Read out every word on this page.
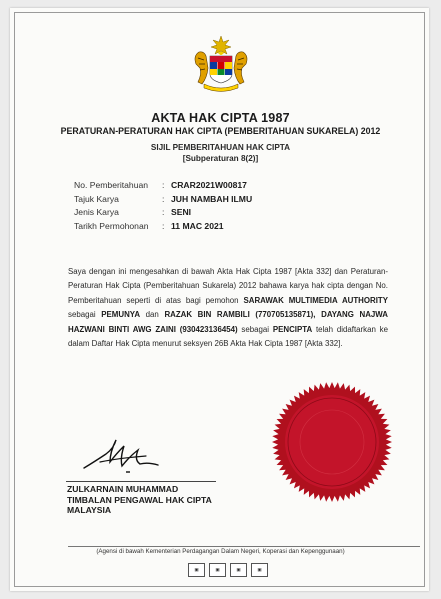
AKTA HAK CIPTA 1987
PERATURAN-PERATURAN HAK CIPTA (PEMBERITAHUAN SUKARELA) 2012
SIJIL PEMBERITAHUAN HAK CIPTA
[Subperaturan 8(2)]
No. Pemberitahuan : CRAR2021W00817
Tajuk Karya	: JUH NAMBAH ILMU
Jenis Karya	: SENI
Tarikh Permohonan : 11 MAC 2021

Saya dengan ini mengesahkan di bawah Akta Hak Cipta 1987 [Akta 332] dan Peraturan-Peraturan Hak Cipta (Pemberitahuan Sukarela) 2012 bahawa karya hak cipta dengan No. Pemberitahuan seperti di atas bagi pemohon SARAWAK MULTIMEDIA AUTHORITY sebagai PEMUNYA dan RAZAK BIN RAMBILI (770705135871), DAYANG NAJWA HAZWANI BINTI AWG ZAINI (930423136454) sebagai PENCIPTA telah didaftarkan ke dalam Daftar Hak Cipta menurut seksyen 26B Akta Hak Cipta 1987 [Akta 332].

ZULKARNAIN MUHAMMAD
TIMBALAN PENGAWAL HAK CIPTA
MALAYSIA

(Agensi di bawah Kementerian Perdagangan Dalam Negeri, Koperasi dan Kepenggunaan)

▣	▣	▣	▣
